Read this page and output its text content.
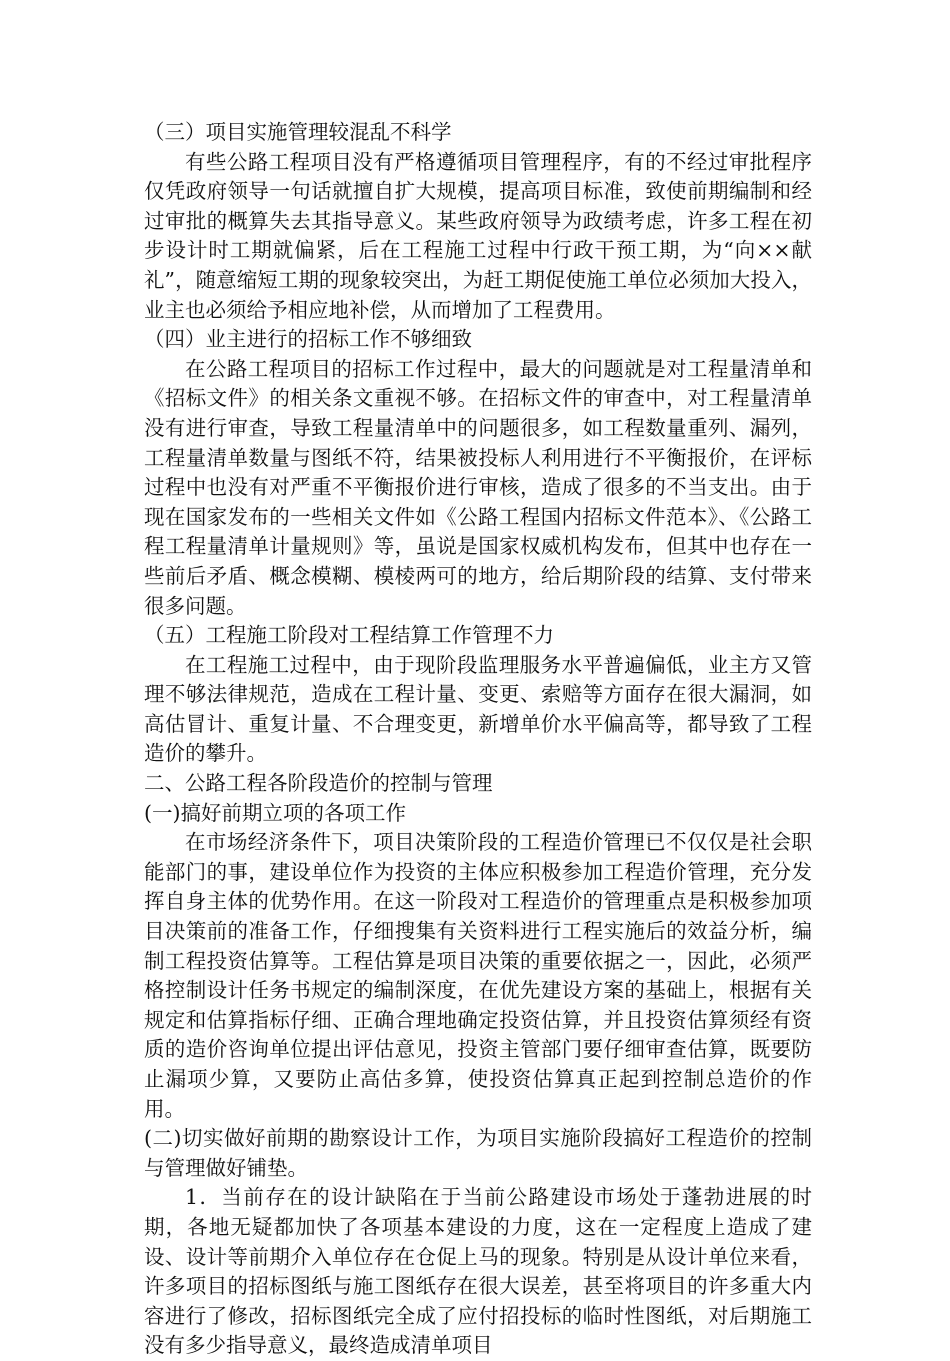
（三）项目实施管理较混乱不科学

有些公路工程项目没有严格遵循项目管理程序，有的不经过审批程序仅凭政府领导一句话就擅自扩大规模，提高项目标准，致使前期编制和经过审批的概算失去其指导意义。某些政府领导为政绩考虑，许多工程在初步设计时工期就偏紧，后在工程施工过程中行政干预工期，为“向××献礼”，随意缩短工期的现象较突出，为赶工期促使施工单位必须加大投入，业主也必须给予相应地补偿，从而增加了工程费用。

（四）业主进行的招标工作不够细致

在公路工程项目的招标工作过程中，最大的问题就是对工程量清单和《招标文件》的相关条文重视不够。在招标文件的审查中，对工程量清单没有进行审查，导致工程量清单中的问题很多，如工程数量重列、漏列，工程量清单数量与图纸不符，结果被投标人利用进行不平衡报价，在评标过程中也没有对严重不平衡报价进行审核，造成了很多的不当支出。由于现在国家发布的一些相关文件如《公路工程国内招标文件范本》、《公路工程工程量清单计量规则》等，虽说是国家权威机构发布，但其中也存在一些前后矛盾、概念模糊、模棱两可的地方，给后期阶段的结算、支付带来很多问题。

（五）工程施工阶段对工程结算工作管理不力

在工程施工过程中，由于现阶段监理服务水平普遍偏低，业主方又管理不够法律规范，造成在工程计量、变更、索赔等方面存在很大漏洞，如高估冒计、重复计量、不合理变更，新增单价水平偏高等，都导致了工程造价的攀升。

二、公路工程各阶段造价的控制与管理

(一)搞好前期立项的各项工作

在市场经济条件下，项目决策阶段的工程造价管理已不仅仅是社会职能部门的事，建设单位作为投资的主体应积极参加工程造价管理，充分发挥自身主体的优势作用。在这一阶段对工程造价的管理重点是积极参加项目决策前的准备工作，仔细搜集有关资料进行工程实施后的效益分析，编制工程投资估算等。工程估算是项目决策的重要依据之一，因此，必须严格控制设计任务书规定的编制深度，在优先建设方案的基础上，根据有关规定和估算指标仔细、正确合理地确定投资估算，并且投资估算须经有资质的造价咨询单位提出评估意见，投资主管部门要仔细审查估算，既要防止漏项少算，又要防止高估多算，使投资估算真正起到控制总造价的作用。

(二)切实做好前期的勘察设计工作，为项目实施阶段搞好工程造价的控制与管理做好铺垫。

1．当前存在的设计缺陷在于当前公路建设市场处于蓬勃进展的时期，各地无疑都加快了各项基本建设的力度，这在一定程度上造成了建设、设计等前期介入单位存在仓促上马的现象。特别是从设计单位来看，许多项目的招标图纸与施工图纸存在很大误差，甚至将项目的许多重大内容进行了修改，招标图纸完全成了应付招投标的临时性图纸，对后期施工没有多少指导意义，最终造成清单项目
